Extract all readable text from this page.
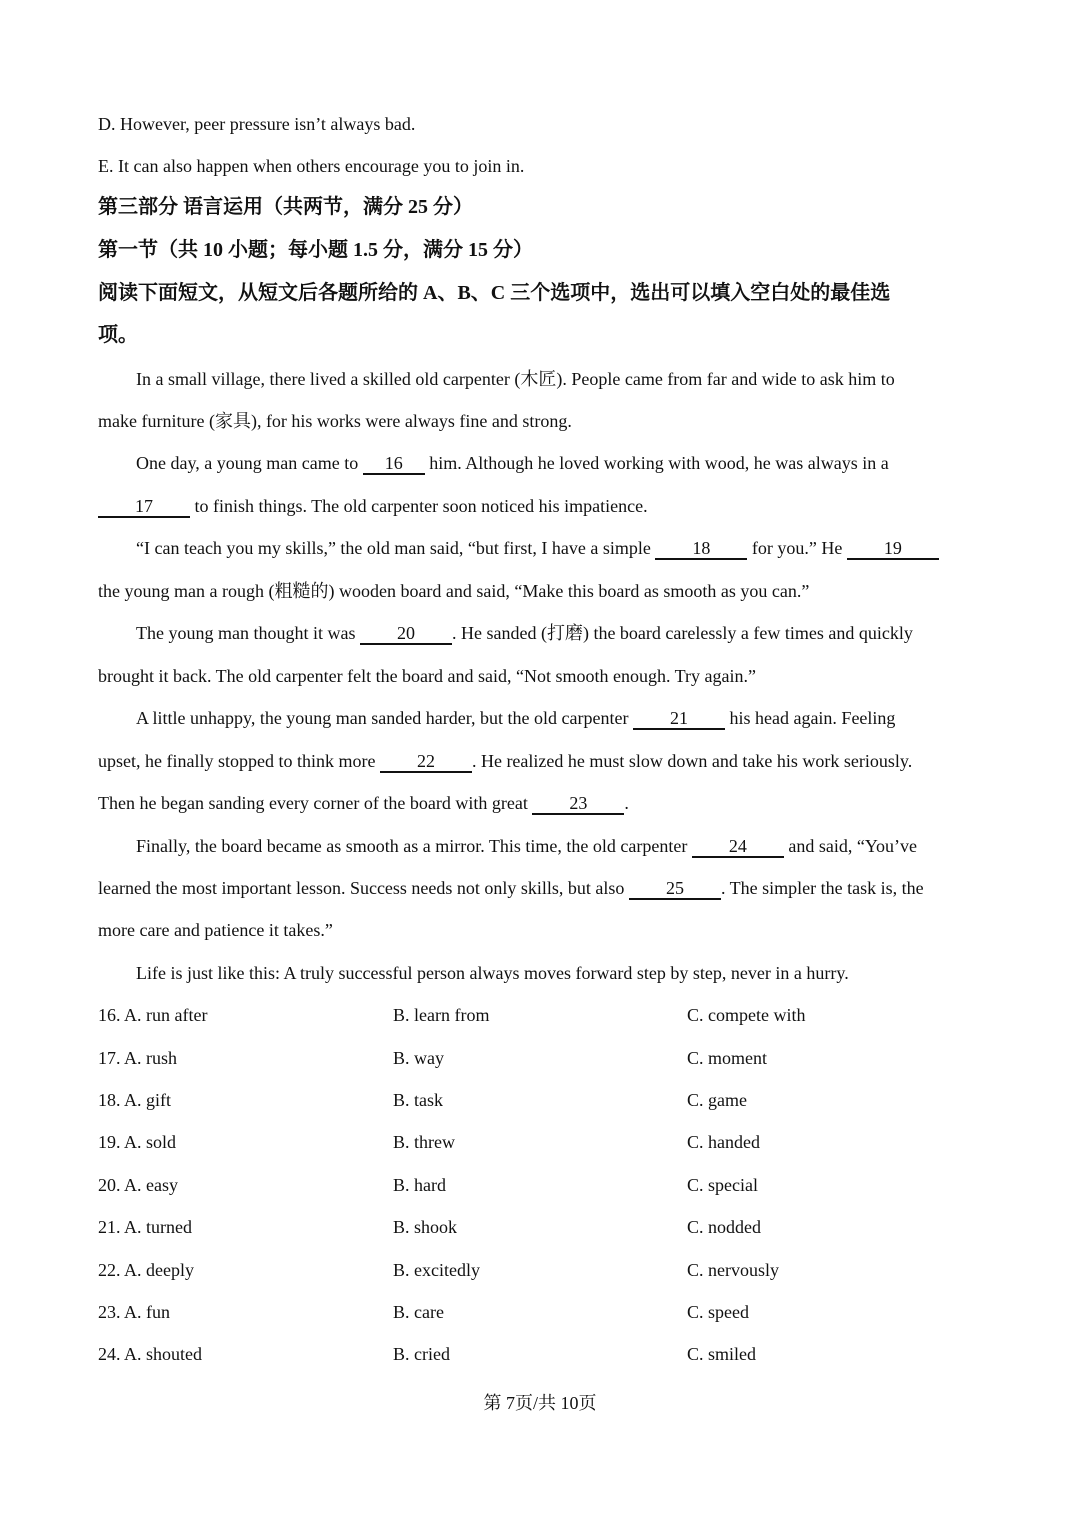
D. However, peer pressure isn’t always bad.
E. It can also happen when others encourage you to join in.
第三部分 语言运用（共两节，满分 25 分）
第一节（共 10 小题；每小题 1.5 分，满分 15 分）
阅读下面短文，从短文后各题所给的 A、B、C 三个选项中，选出可以填入空白处的最佳选
项。
In a small village, there lived a skilled old carpenter (木匠). People came from far and wide to ask him to
make furniture (家具), for his works were always fine and strong.
One day, a young man came to 16 him. Although he loved working with wood, he was always in a
17 to finish things. The old carpenter soon noticed his impatience.
“I can teach you my skills,” the old man said, “but first, I have a simple 18 for you.” He 19
the young man a rough (粗糙的) wooden board and said, “Make this board as smooth as you can.”
The young man thought it was 20 . He sanded (打磨) the board carelessly a few times and quickly
brought it back. The old carpenter felt the board and said, “Not smooth enough. Try again.”
A little unhappy, the young man sanded harder, but the old carpenter 21 his head again. Feeling
upset, he finally stopped to think more 22 . He realized he must slow down and take his work seriously.
Then he began sanding every corner of the board with great 23 .
Finally, the board became as smooth as a mirror. This time, the old carpenter 24 and said, “You’ve
learned the most important lesson. Success needs not only skills, but also 25 . The simpler the task is, the
more care and patience it takes.”
Life is just like this: A truly successful person always moves forward step by step, never in a hurry.
16. A. run after	B. learn from	C. compete with
17. A. rush	B. way	C. moment
18. A. gift	B. task	C. game
19. A. sold	B. threw	C. handed
20. A. easy	B. hard	C. special
21. A. turned	B. shook	C. nodded
22. A. deeply	B. excitedly	C. nervously
23. A. fun	B. care	C. speed
24. A. shouted	B. cried	C. smiled
第 7页/共 10页
